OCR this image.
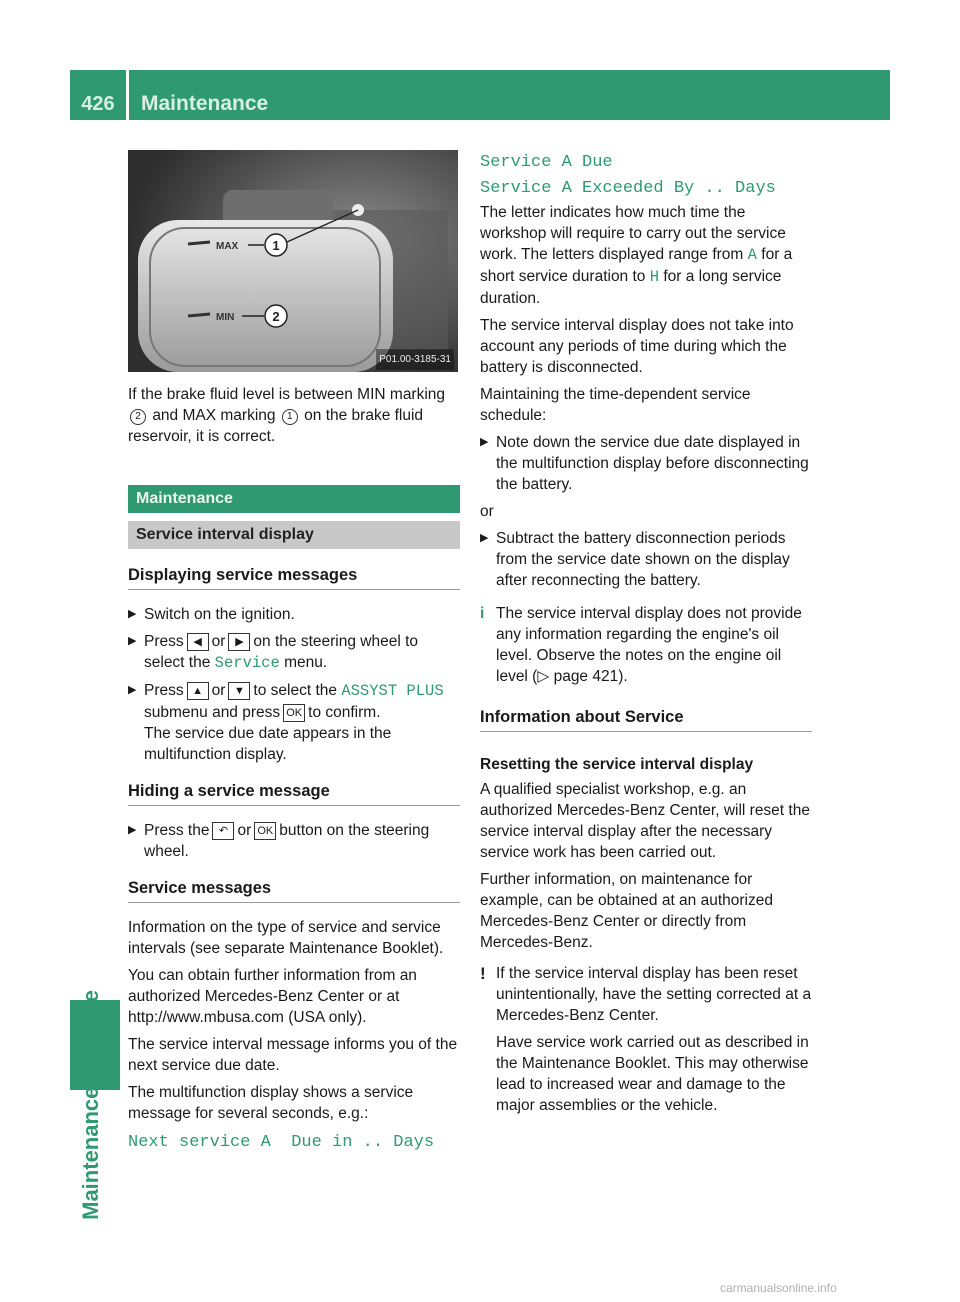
426	Maintenance
Maintenance and care
MAX	1
MIN	2
P01.00-3185-31

If the brake fluid level is between MIN marking 2 and MAX marking 1 on the brake fluid reservoir, it is correct.

Maintenance
Service interval display
Displaying service messages
▶ Switch on the ignition.
▶ Press ◀ or ▶ on the steering wheel to select the Service menu.
▶ Press ▲ or ▼ to select the ASSYST PLUS submenu and press OK to confirm.
The service due date appears in the multifunction display.
Hiding a service message
▶ Press the ↶ or OK button on the steering wheel.
Service messages

Information on the type of service and service intervals (see separate Maintenance Booklet).

You can obtain further information from an authorized Mercedes-Benz Center or at http://www.mbusa.com (USA only).

The service interval message informs you of the next service due date.

The multifunction display shows a service message for several seconds, e.g.:

Next service A  Due in .. Days

Service A Due
Service A Exceeded By .. Days

The letter indicates how much time the workshop will require to carry out the service work. The letters displayed range from A for a short service duration to H for a long service duration.

The service interval display does not take into account any periods of time during which the battery is disconnected.

Maintaining the time-dependent service schedule:

▶ Note down the service due date displayed in the multifunction display before disconnecting the battery.

or

▶ Subtract the battery disconnection periods from the service date shown on the display after reconnecting the battery.
i The service interval display does not provide any information regarding the engine's oil level. Observe the notes on the engine oil level (▷ page 421).
Information about Service
Resetting the service interval display

A qualified specialist workshop, e.g. an authorized Mercedes-Benz Center, will reset the service interval display after the necessary service work has been carried out.

Further information, on maintenance for example, can be obtained at an authorized Mercedes-Benz Center or directly from Mercedes-Benz.

! If the service interval display has been reset unintentionally, have the setting corrected at a Mercedes-Benz Center.

Have service work carried out as described in the Maintenance Booklet. This may otherwise lead to increased wear and damage to the major assemblies or the vehicle.

carmanualsonline.info
